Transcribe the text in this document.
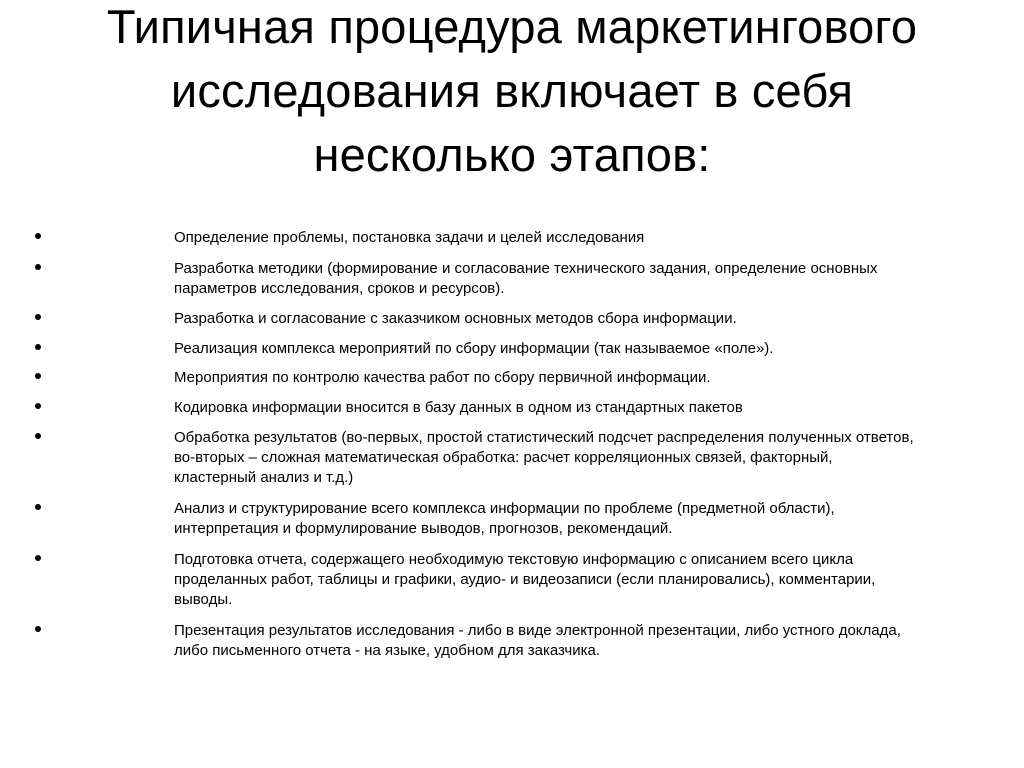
Типичная процедура маркетингового исследования включает в себя несколько этапов:
Определение проблемы, постановка задачи и целей исследования
Разработка методики (формирование и согласование технического задания, определение основных параметров исследования, сроков и ресурсов).
Разработка и согласование с заказчиком основных методов сбора информации.
Реализация комплекса мероприятий по сбору информации (так называемое «поле»).
Мероприятия по контролю качества работ по сбору первичной информации.
Кодировка информации вносится в базу данных в одном из стандартных пакетов
Обработка результатов (во-первых, простой статистический подсчет распределения полученных ответов, во-вторых – сложная математическая обработка: расчет корреляционных связей, факторный, кластерный анализ и т.д.)
Анализ и структурирование всего комплекса информации по проблеме (предметной области), интерпретация и формулирование выводов, прогнозов, рекомендаций.
Подготовка отчета, содержащего необходимую текстовую информацию с описанием всего цикла проделанных работ, таблицы и графики, аудио- и видеозаписи (если планировались), комментарии, выводы.
Презентация результатов исследования - либо в виде электронной презентации, либо устного доклада, либо письменного отчета - на языке, удобном для заказчика.
